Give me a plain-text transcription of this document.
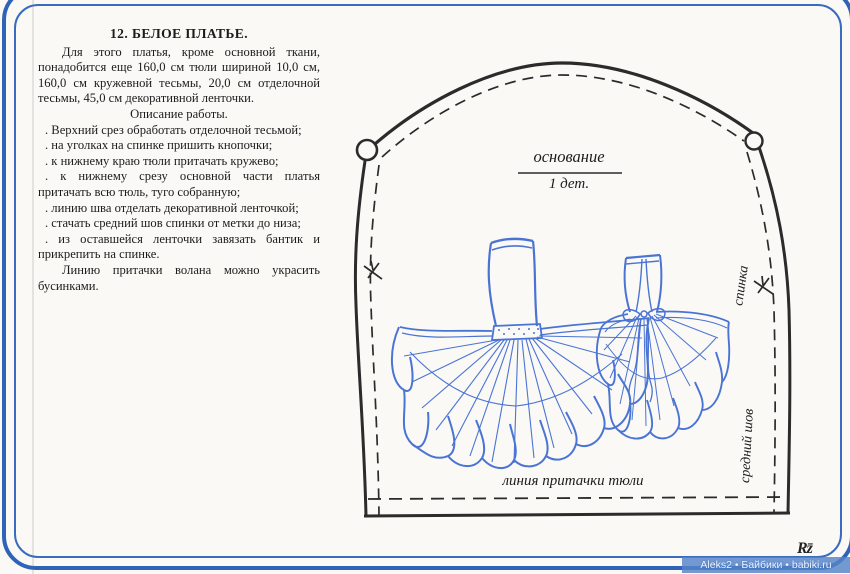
12. БЕЛОЕ ПЛАТЬЕ.

Для этого платья, кроме основной ткани, понадобится еще 160,0 см тюли шириной 10,0 см, 160,0 см кружевной тесьмы, 20,0 см отделочной тесьмы, 45,0 см декоративной ленточки.

Описание работы.

. Верхний срез обработать отделочной тесьмой;

. на уголках на спинке пришить кнопочки;

. к нижнему краю тюли притачать кружево;

. к нижнему срезу основной части платья притачать всю тюль, туго собранную;

. линию шва отделать декоративной ленточкой;

. стачать средний шов спинки от метки до низа;

. из оставшейся ленточки завязать бантик и прикрепить на спинке.

Линию притачки волана можно украсить бусинками.

основание
1 дет.
спинка
средний шов
линия притачки тюли
Rz̄
Aleks2 • Байбики • babiki.ru
